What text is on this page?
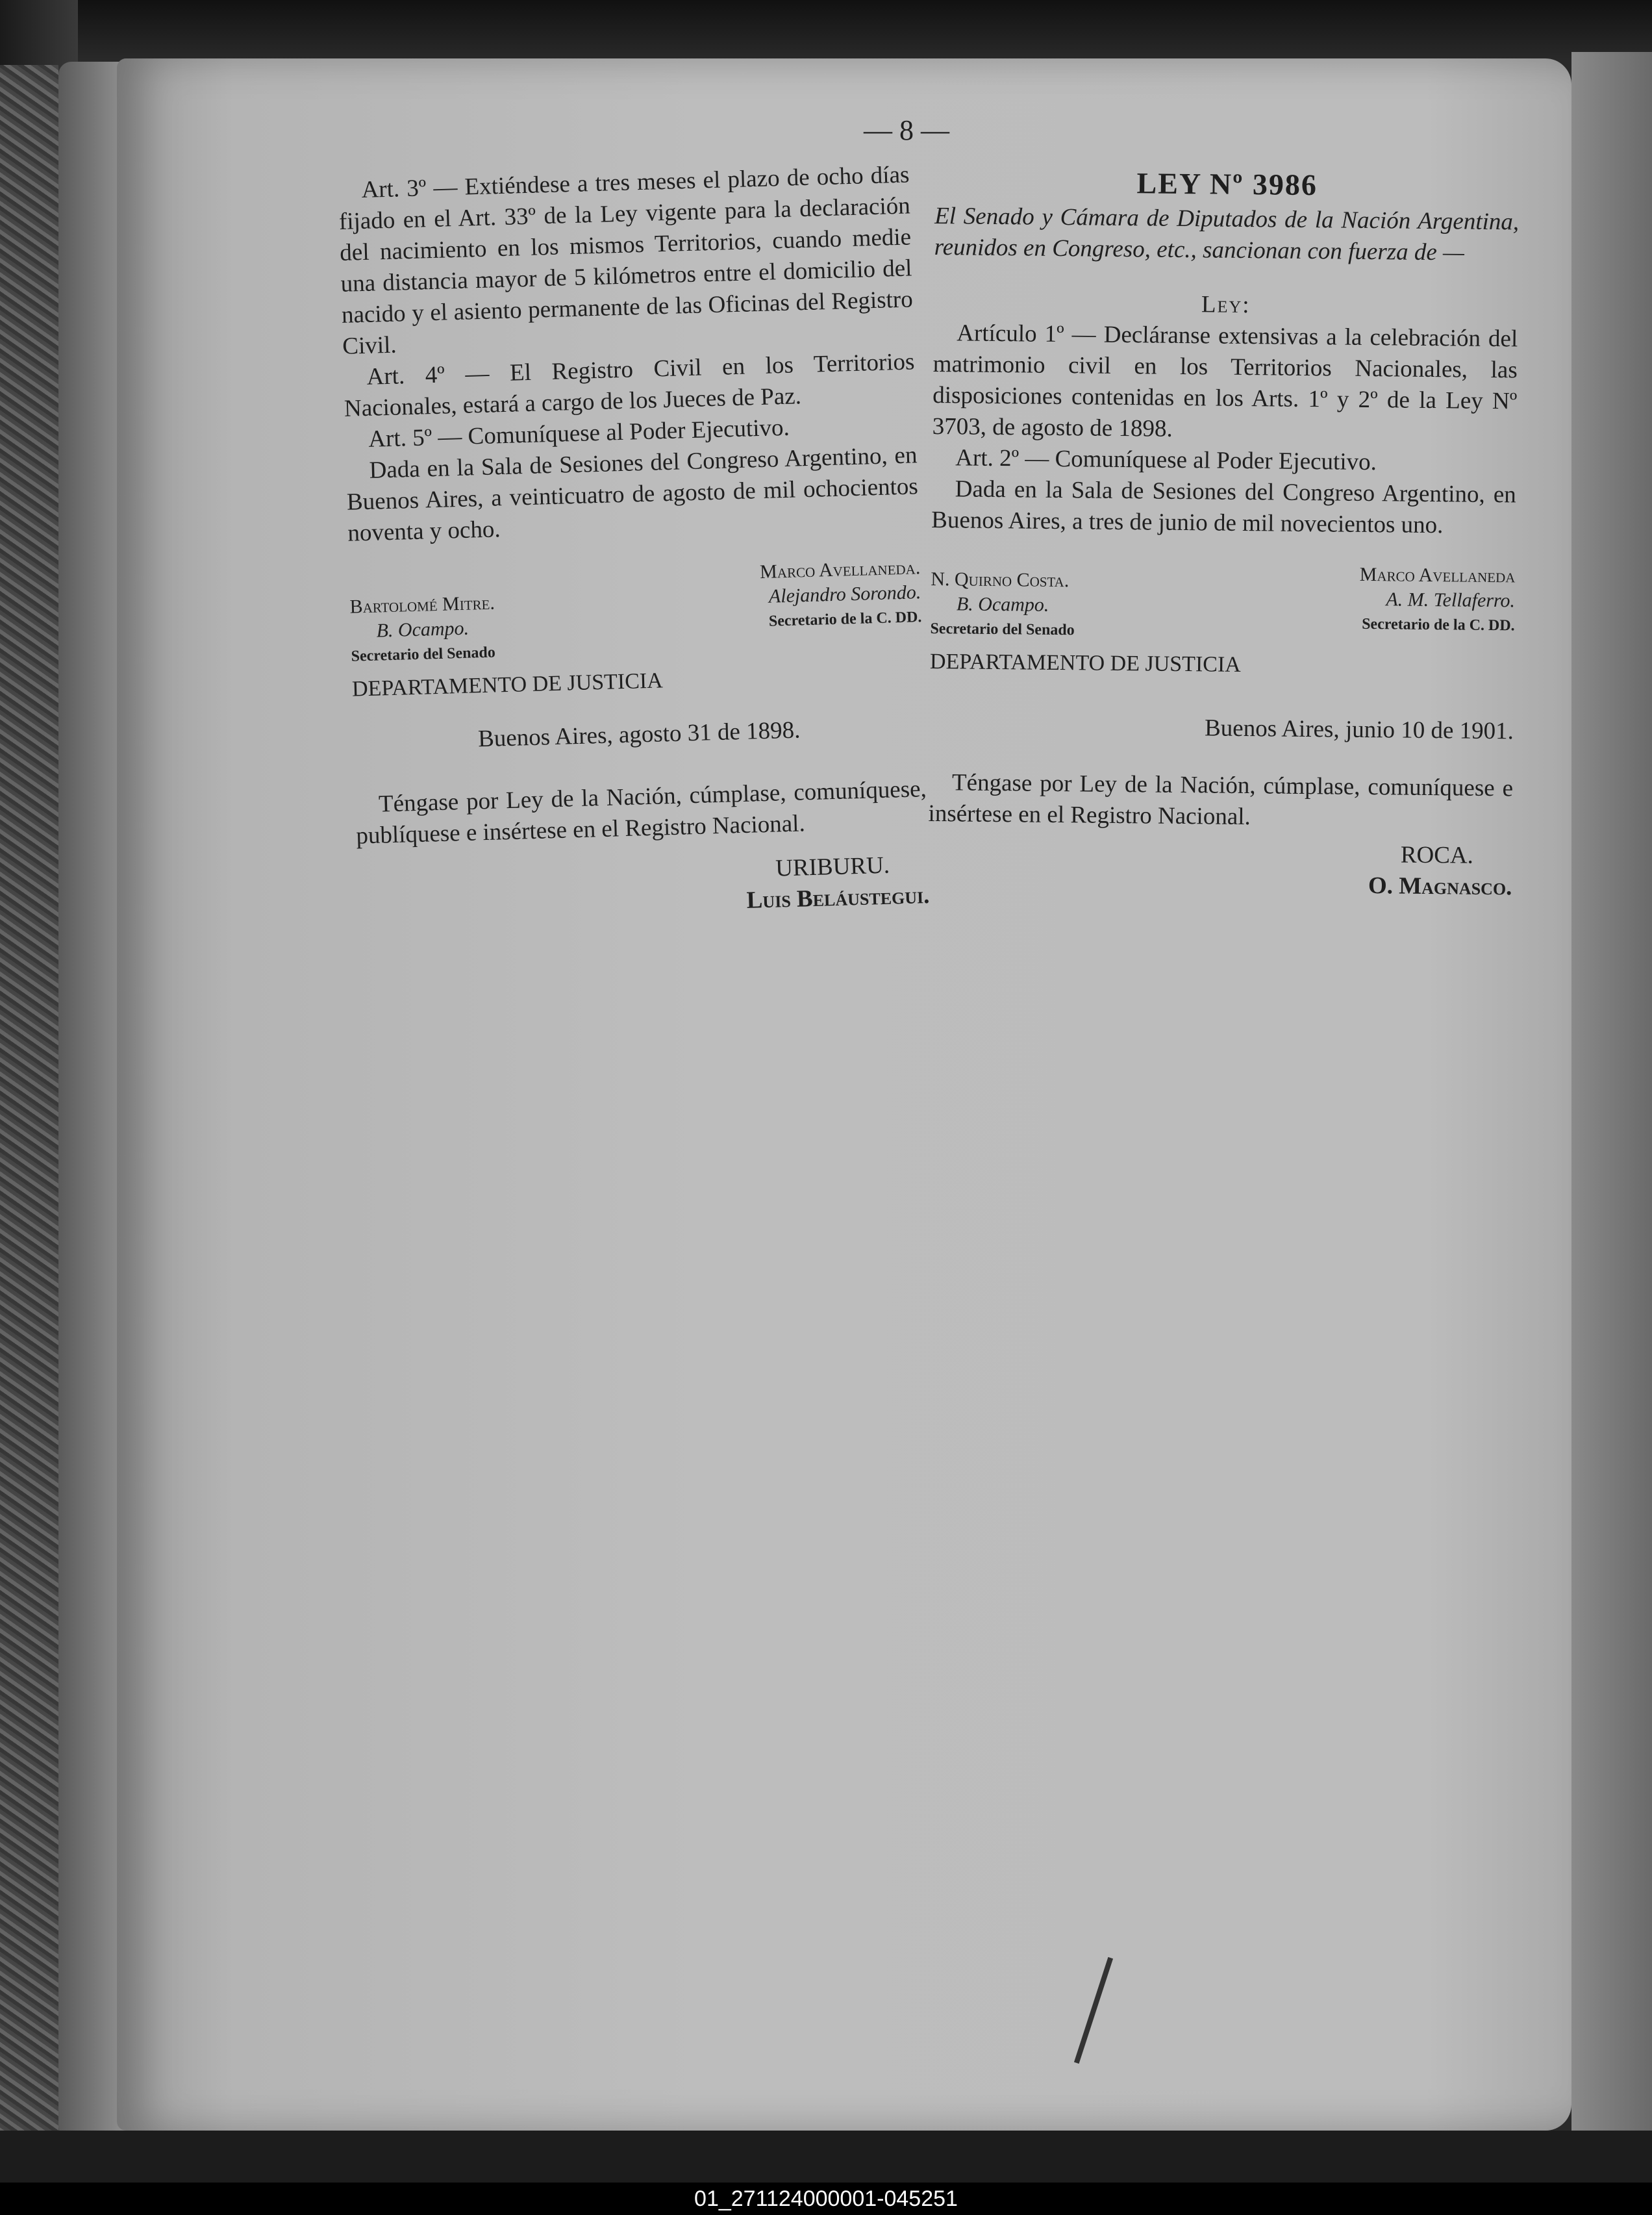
— 8 —

Art. 3º — Extiéndese a tres meses el plazo de ocho días fijado en el Art. 33º de la Ley vigente para la declaración del nacimiento en los mismos Territorios, cuando medie una distancia mayor de 5 kilómetros entre el domicilio del nacido y el asiento permanente de las Oficinas del Registro Civil.

Art. 4º — El Registro Civil en los Territorios Nacionales, estará a cargo de los Jueces de Paz.

Art. 5º — Comuníquese al Poder Ejecutivo.

Dada en la Sala de Sesiones del Congreso Argentino, en Buenos Aires, a veinticuatro de agosto de mil ochocientos noventa y ocho.

Bartolomé Mitre.
B. Ocampo.
Secretario del Senado
Marco Avellaneda.
Alejandro Sorondo.
Secretario de la C. DD.
DEPARTAMENTO DE JUSTICIA

Buenos Aires, agosto 31 de 1898.

Téngase por Ley de la Nación, cúmplase, comuníquese, publíquese e insértese en el Registro Nacional.

URIBURU.

Luis Beláustegui.

LEY Nº 3986

El Senado y Cámara de Diputados de la Nación Argentina, reunidos en Congreso, etc., sancionan con fuerza de —

Ley:

Artículo 1º — Decláranse extensivas a la celebración del matrimonio civil en los Territorios Nacionales, las disposiciones contenidas en los Arts. 1º y 2º de la Ley Nº 3703, de agosto de 1898.

Art. 2º — Comuníquese al Poder Ejecutivo.

Dada en la Sala de Sesiones del Congreso Argentino, en Buenos Aires, a tres de junio de mil novecientos uno.

N. Quirno Costa.
B. Ocampo.
Secretario del Senado
Marco Avellaneda
A. M. Tellaferro.
Secretario de la C. DD.
DEPARTAMENTO DE JUSTICIA

Buenos Aires, junio 10 de 1901.

Téngase por Ley de la Nación, cúmplase, comuníquese e insértese en el Registro Nacional.

ROCA.

O. Magnasco.

01_271124000001-045251
